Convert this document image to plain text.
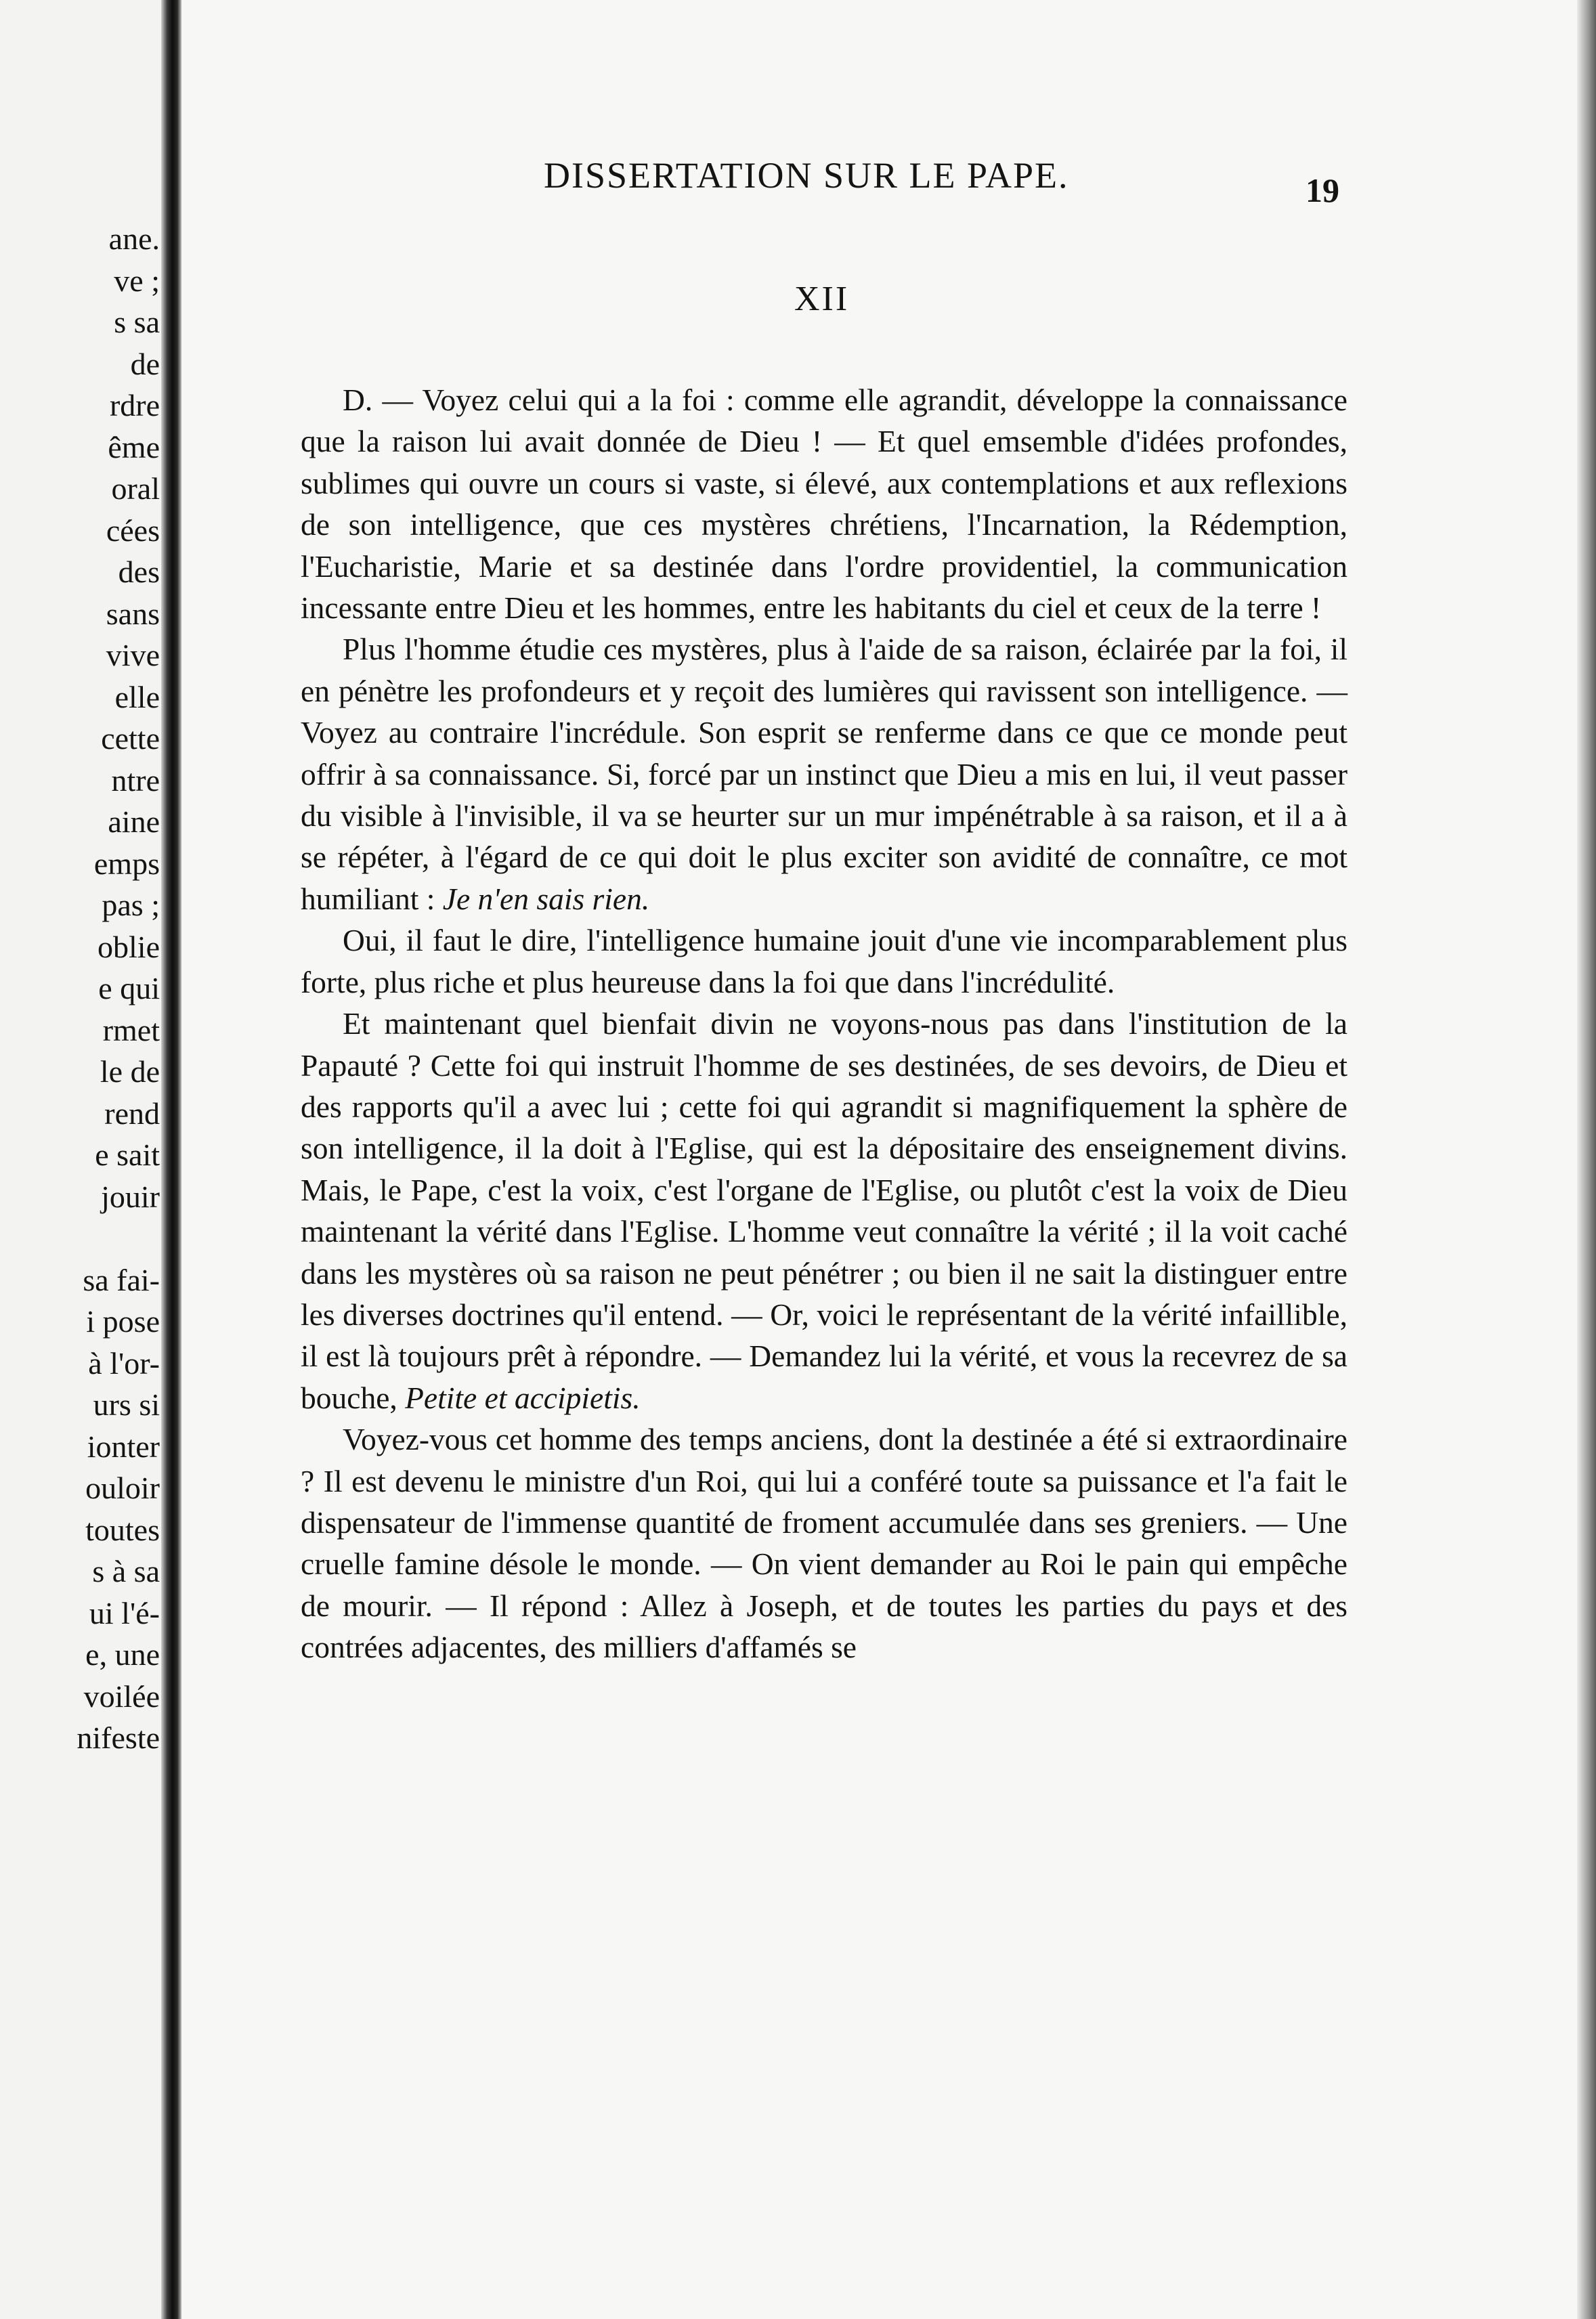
ane.
ve ;
s sa
de
rdre
ême
oral
cées
des
sans
vive
elle
cette
ntre
aine
emps
pas ;
oblie
e qui
rmet
le de
rend
e sait
jouir
sa fai-
i pose
à l'or-
urs si
ionter
ouloir
toutes
s à sa
ui l'é-
e, une
voilée
nifeste
DISSERTATION SUR LE PAPE.	19
XII

D. — Voyez celui qui a la foi : comme elle agrandit, développe la connaissance que la raison lui avait donnée de Dieu ! — Et quel emsemble d'idées profondes, sublimes qui ouvre un cours si vaste, si élevé, aux contemplations et aux reflexions de son intelligence, que ces mystères chrétiens, l'Incarnation, la Rédemption, l'Eucharistie, Marie et sa destinée dans l'ordre providentiel, la communication incessante entre Dieu et les hommes, entre les habitants du ciel et ceux de la terre !

Plus l'homme étudie ces mystères, plus à l'aide de sa raison, éclairée par la foi, il en pénètre les profondeurs et y reçoit des lumières qui ravissent son intelligence. — Voyez au contraire l'incrédule. Son esprit se renferme dans ce que ce monde peut offrir à sa connaissance. Si, forcé par un instinct que Dieu a mis en lui, il veut passer du visible à l'invisible, il va se heurter sur un mur impénétrable à sa raison, et il a à se répéter, à l'égard de ce qui doit le plus exciter son avidité de connaître, ce mot humiliant : Je n'en sais rien.

Oui, il faut le dire, l'intelligence humaine jouit d'une vie incomparablement plus forte, plus riche et plus heureuse dans la foi que dans l'incrédulité.

Et maintenant quel bienfait divin ne voyons-nous pas dans l'institution de la Papauté ? Cette foi qui instruit l'homme de ses destinées, de ses devoirs, de Dieu et des rapports qu'il a avec lui ; cette foi qui agrandit si magnifiquement la sphère de son intelligence, il la doit à l'Eglise, qui est la dépositaire des enseignement divins. Mais, le Pape, c'est la voix, c'est l'organe de l'Eglise, ou plutôt c'est la voix de Dieu maintenant la vérité dans l'Eglise. L'homme veut connaître la vérité ; il la voit caché dans les mystères où sa raison ne peut pénétrer ; ou bien il ne sait la distinguer entre les diverses doctrines qu'il entend. — Or, voici le représentant de la vérité infaillible, il est là toujours prêt à répondre. — Demandez lui la vérité, et vous la recevrez de sa bouche, Petite et accipietis.

Voyez-vous cet homme des temps anciens, dont la destinée a été si extraordinaire ? Il est devenu le ministre d'un Roi, qui lui a conféré toute sa puissance et l'a fait le dispensateur de l'immense quantité de froment accumulée dans ses greniers. — Une cruelle famine désole le monde. — On vient demander au Roi le pain qui empêche de mourir. — Il répond : Allez à Joseph, et de toutes les parties du pays et des contrées adjacentes, des milliers d'affamés se
